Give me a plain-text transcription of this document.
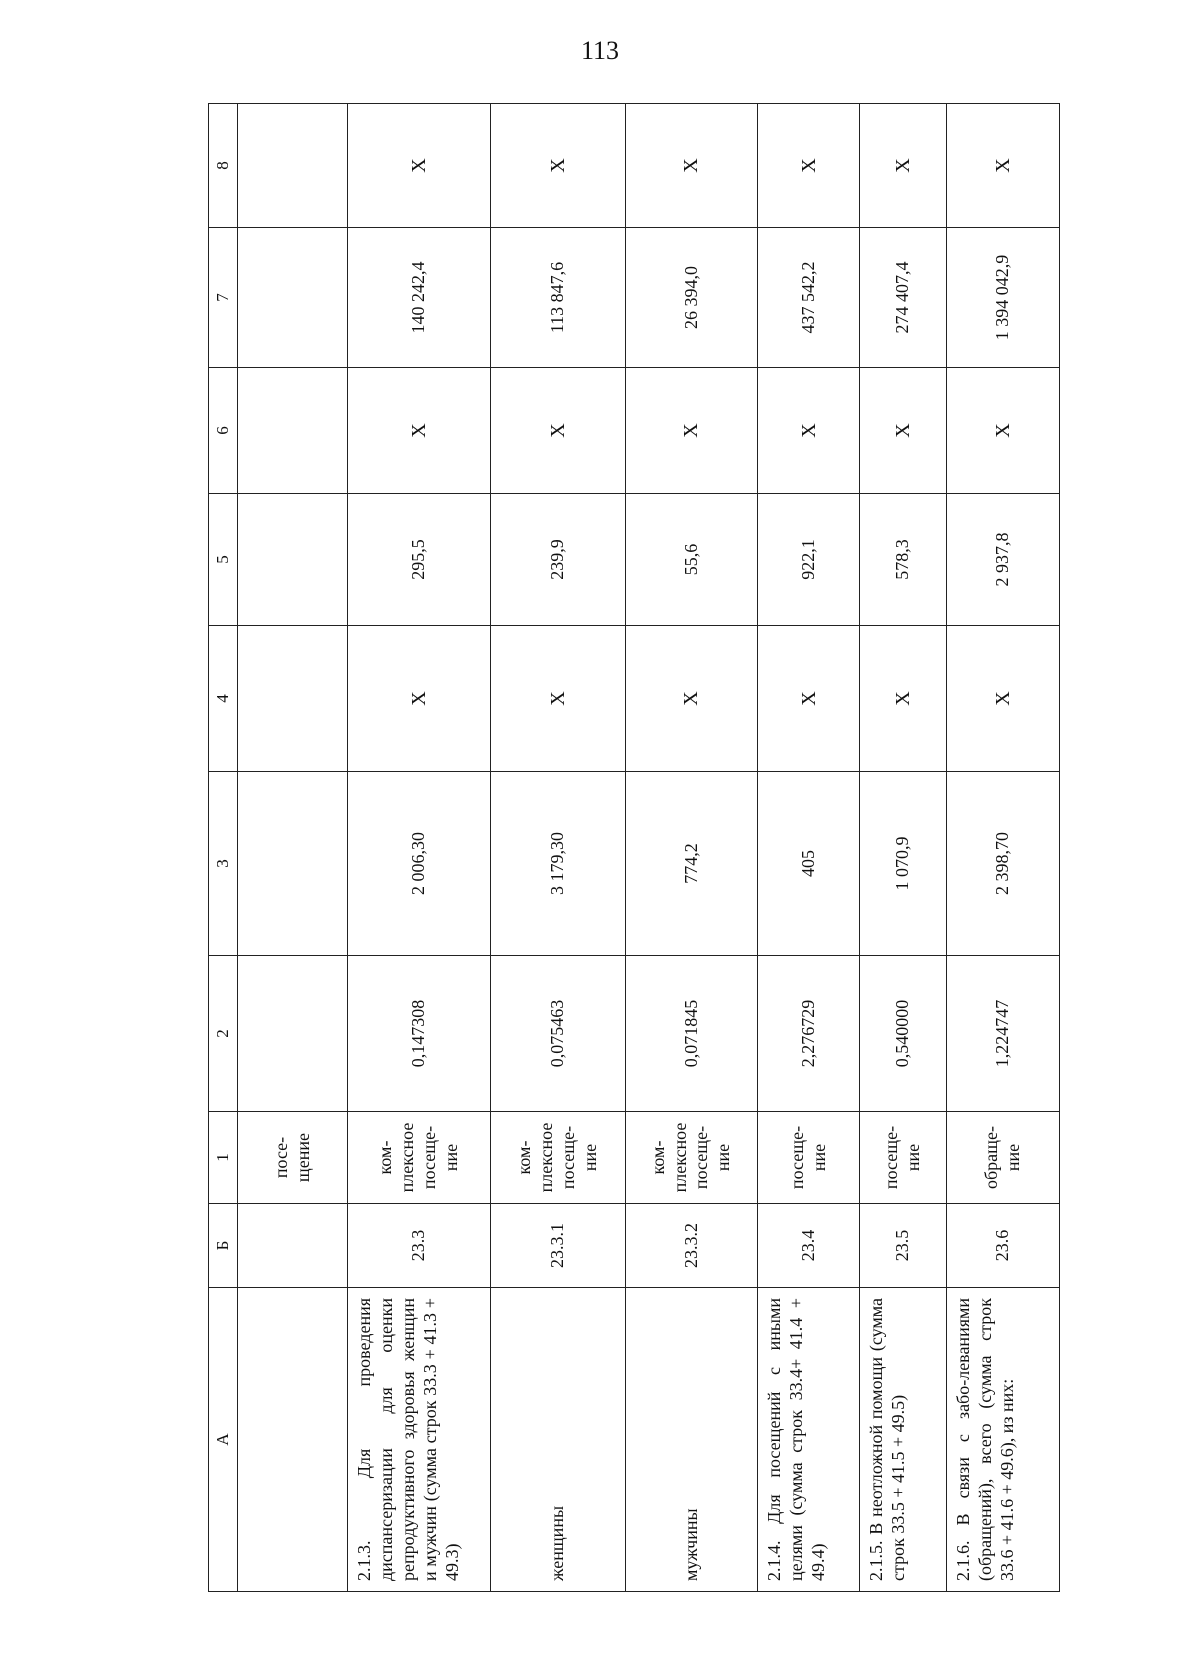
113
А	Б	1	2	3	4	5	6	7	8
		посе-
щение							
2.1.3. Для проведения диспансеризации для оценки репродуктивного здоровья женщин и мужчин (сумма строк 33.3 + 41.3 + 49.3)	23.3	ком-
плексное
посеще-
ние	0,147308	2 006,30	X	295,5	X	140 242,4	X
женщины	23.3.1	ком-
плексное
посеще-
ние	0,075463	3 179,30	X	239,9	X	113 847,6	X
мужчины	23.3.2	ком-
плексное
посеще-
ние	0,071845	774,2	X	55,6	X	26 394,0	X
2.1.4. Для посещений с иными целями (сумма строк 33.4+ 41.4 + 49.4)	23.4	посеще-
ние	2,276729	405	X	922,1	X	437 542,2	X
2.1.5. В неотложной помощи (сумма строк 33.5 + 41.5 + 49.5)	23.5	посеще-
ние	0,540000	1 070,9	X	578,3	X	274 407,4	X
2.1.6. В связи с забо-леваниями (обращений), всего (сумма строк 33.6 + 41.6 + 49.6), из них:	23.6	обраще-
ние	1,224747	2 398,70	X	2 937,8	X	1 394 042,9	X
